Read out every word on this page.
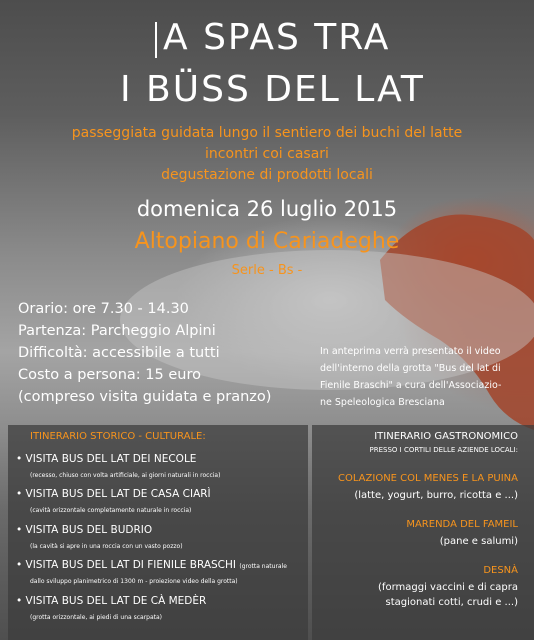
A SPAS TRA
I BÜSS DEL LAT
passeggiata guidata lungo il sentiero dei buchi del latte
incontri coi casari
degustazione di prodotti locali
domenica 26 luglio 2015
Altopiano di Cariadeghe
Serle - Bs -
Orario: ore 7.30 - 14.30
Partenza: Parcheggio Alpini
Difficoltà: accessibile a tutti
Costo a persona: 15 euro
(compreso visita guidata e pranzo)
In anteprima verrà presentato il video
dell'interno della grotta "Bus del lat di
Fienile Braschi" a cura dell'Associazio-
ne Speleologica Bresciana
ITINERARIO STORICO - CULTURALE:
• VISITA BUS DEL LAT DEI NECOLE
(recesso, chiuso con volta artificiale, ai giorni naturali in roccia)
• VISITA BUS DEL LAT DE CASA CIARÌ
(cavità orizzontale completamente naturale in roccia)
• VISITA BUS DEL BUDRIO
(la cavità si apre in una roccia con un vasto pozzo)
• VISITA BUS DEL LAT DI FIENILE BRASCHI (grotta naturale
dallo sviluppo planimetrico di 1300 m - proiezione video della grotta)
• VISITA BUS DEL LAT DE CÀ MEDÈR
(grotta orizzontale, ai piedi di una scarpata)
ITINERARIO GASTRONOMICO
PRESSO I CORTILI DELLE AZIENDE LOCALI:
COLAZIONE COL MENES E LA PUINA
(latte, yogurt, burro, ricotta e ...)
MARENDA DEL FAMEIL
(pane e salumi)
DESNÀ
(formaggi vaccini e di capra
stagionati cotti, crudi e ...)
